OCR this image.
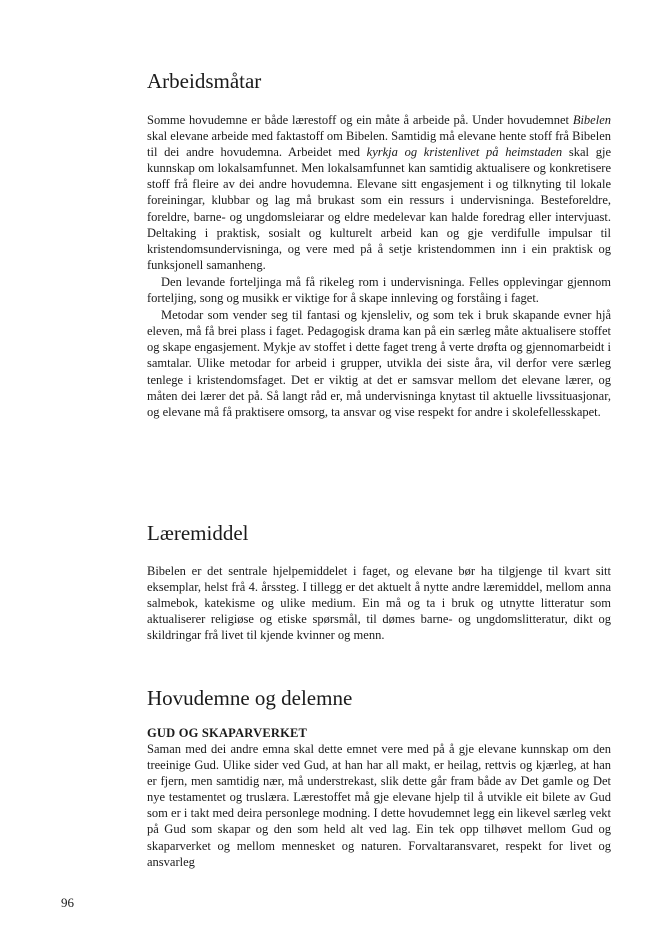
Arbeidsmåtar

Somme hovudemne er både lærestoff og ein måte å arbeide på. Under hovudemnet Bibelen skal elevane arbeide med faktastoff om Bibelen. Samtidig må elevane hente stoff frå Bibelen til dei andre hovudemna. Arbeidet med kyrkja og kristenlivet på heimstaden skal gje kunnskap om lokalsamfunnet. Men lokalsamfunnet kan samtidig aktualisere og konkretisere stoff frå fleire av dei andre hovudemna. Elevane sitt engasjement i og tilknyting til lokale foreiningar, klubbar og lag må brukast som ein ressurs i undervisninga. Besteforeldre, foreldre, barne- og ungdomsleiarar og eldre medelevar kan halde foredrag eller intervjuast. Deltaking i praktisk, sosialt og kulturelt arbeid kan og gje verdifulle impulsar til kristendomsundervisninga, og vere med på å setje kristendommen inn i ein praktisk og funksjonell samanheng.

Den levande forteljinga må få rikeleg rom i undervisninga. Felles opplevingar gjennom forteljing, song og musikk er viktige for å skape innleving og forståing i faget.

Metodar som vender seg til fantasi og kjensleliv, og som tek i bruk skapande evner hjå eleven, må få brei plass i faget. Pedagogisk drama kan på ein særleg måte aktualisere stoffet og skape engasjement. Mykje av stoffet i dette faget treng å verte drøfta og gjennomarbeidt i samtalar. Ulike metodar for arbeid i grupper, utvikla dei siste åra, vil derfor vere særleg tenlege i kristendomsfaget. Det er viktig at det er samsvar mellom det elevane lærer, og måten dei lærer det på. Så langt råd er, må undervisninga knytast til aktuelle livssituasjonar, og elevane må få praktisere omsorg, ta ansvar og vise respekt for andre i skolefellesskapet.

Læremiddel

Bibelen er det sentrale hjelpemiddelet i faget, og elevane bør ha tilgjenge til kvart sitt eksemplar, helst frå 4. årssteg. I tillegg er det aktuelt å nytte andre læremiddel, mellom anna salmebok, katekisme og ulike medium. Ein må og ta i bruk og utnytte litteratur som aktualiserer religiøse og etiske spørsmål, til dømes barne- og ungdomslitteratur, dikt og skildringar frå livet til kjende kvinner og menn.

Hovudemne og delemne
GUD OG SKAPARVERKET

Saman med dei andre emna skal dette emnet vere med på å gje elevane kunnskap om den treeinige Gud. Ulike sider ved Gud, at han har all makt, er heilag, rettvis og kjærleg, at han er fjern, men samtidig nær, må understrekast, slik dette går fram både av Det gamle og Det nye testamentet og truslæra. Lærestoffet må gje elevane hjelp til å utvikle eit bilete av Gud som er i takt med deira personlege modning. I dette hovudemnet legg ein likevel særleg vekt på Gud som skapar og den som held alt ved lag. Ein tek opp tilhøvet mellom Gud og skaparverket og mellom mennesket og naturen. Forvaltaransvaret, respekt for livet og ansvarleg

96
